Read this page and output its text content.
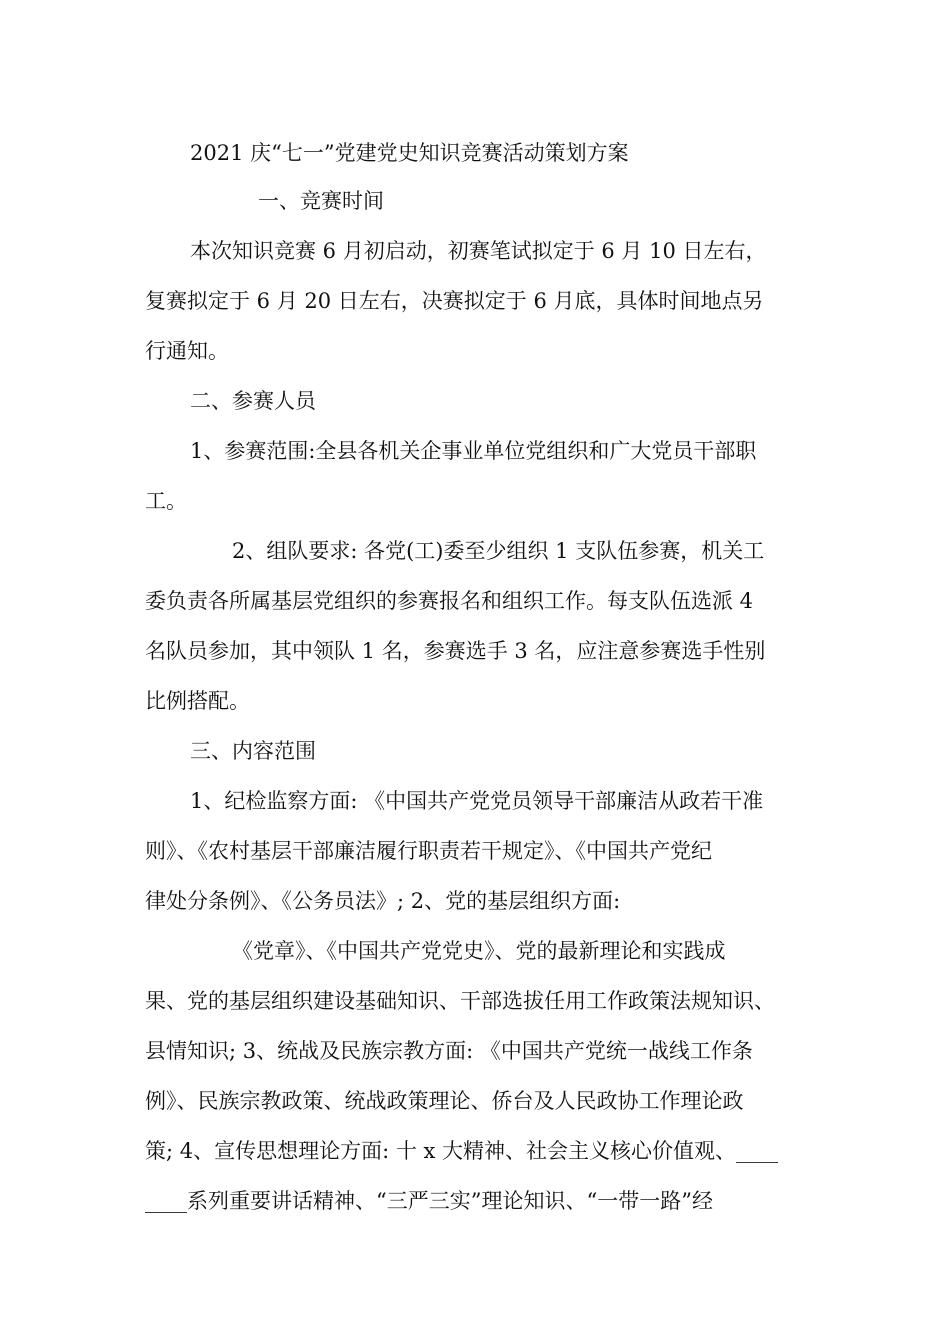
2021 庆“七一”党建党史知识竞赛活动策划方案
一、竞赛时间
本次知识竞赛 6 月初启动，初赛笔试拟定于 6 月 10 日左右，
复赛拟定于 6 月 20 日左右，决赛拟定于 6 月底，具体时间地点另
行通知。
二、参赛人员
1、参赛范围:全县各机关企事业单位党组织和广大党员干部职
工。
2、组队要求: 各党(工)委至少组织 1 支队伍参赛，机关工
委负责各所属基层党组织的参赛报名和组织工作。每支队伍选派 4
名队员参加，其中领队 1 名，参赛选手 3 名，应注意参赛选手性别
比例搭配。
三、内容范围
1、纪检监察方面: 《中国共产党党员领导干部廉洁从政若干准
则》、《农村基层干部廉洁履行职责若干规定》、《中国共产党纪
律处分条例》、《公务员法》; 2、党的基层组织方面:
《党章》、《中国共产党党史》、党的最新理论和实践成
果、党的基层组织建设基础知识、干部选拔任用工作政策法规知识、
县情知识; 3、统战及民族宗教方面: 《中国共产党统一战线工作条
例》、民族宗教政策、统战政策理论、侨台及人民政协工作理论政
策; 4、宣传思想理论方面: 十 x 大精神、社会主义核心价值观、____
____系列重要讲话精神、“三严三实”理论知识、“一带一路”经
